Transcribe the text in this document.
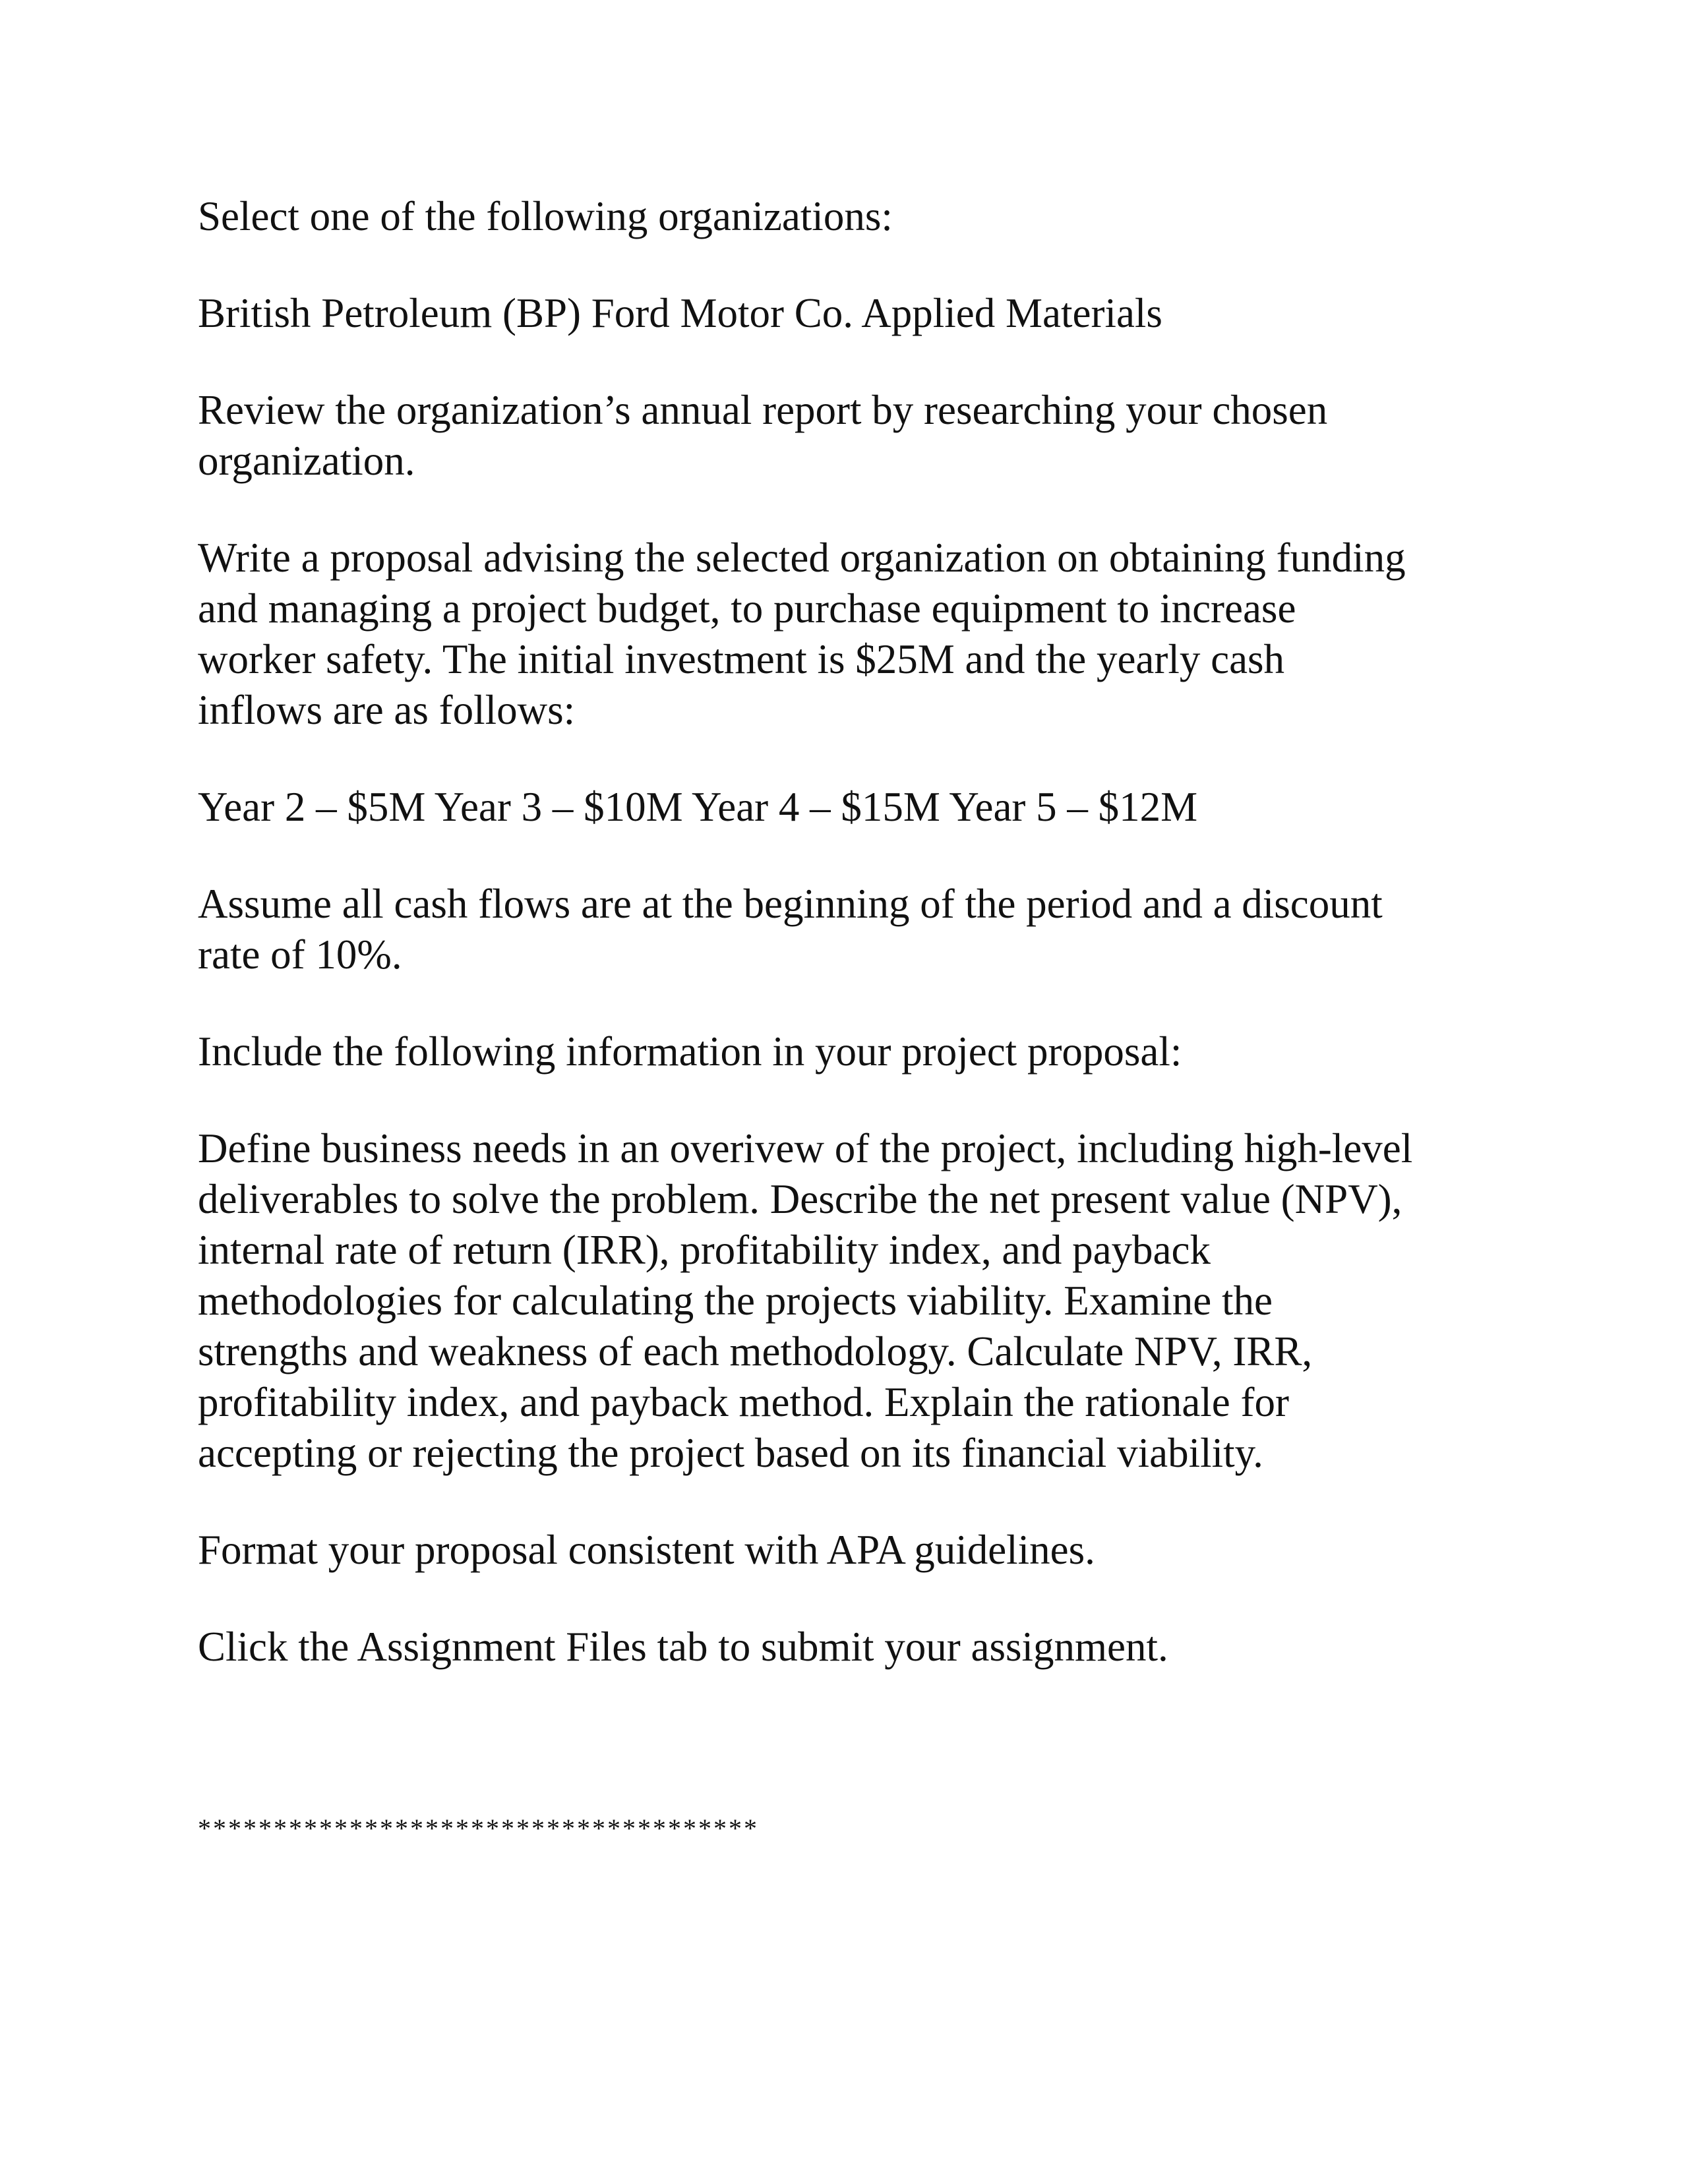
Select one of the following organizations:

British Petroleum (BP) Ford Motor Co. Applied Materials

Review the organization’s annual report by researching your chosen
organization.

Write a proposal advising the selected organization on obtaining funding
and managing a project budget, to purchase equipment to increase
worker safety. The initial investment is $25M and the yearly cash
inflows are as follows:

Year 2 – $5M Year 3 – $10M Year 4 – $15M Year 5 – $12M

Assume all cash flows are at the beginning of the period and a discount
rate of 10%.

Include the following information in your project proposal:

Define business needs in an overivew of the project, including high-level
deliverables to solve the problem. Describe the net present value (NPV),
internal rate of return (IRR), profitability index, and payback
methodologies for calculating the projects viability. Examine the
strengths and weakness of each methodology. Calculate NPV, IRR,
profitability index, and payback method. Explain the rationale for
accepting or rejecting the project based on its financial viability.

Format your proposal consistent with APA guidelines.

Click the Assignment Files tab to submit your assignment.

*************************************
